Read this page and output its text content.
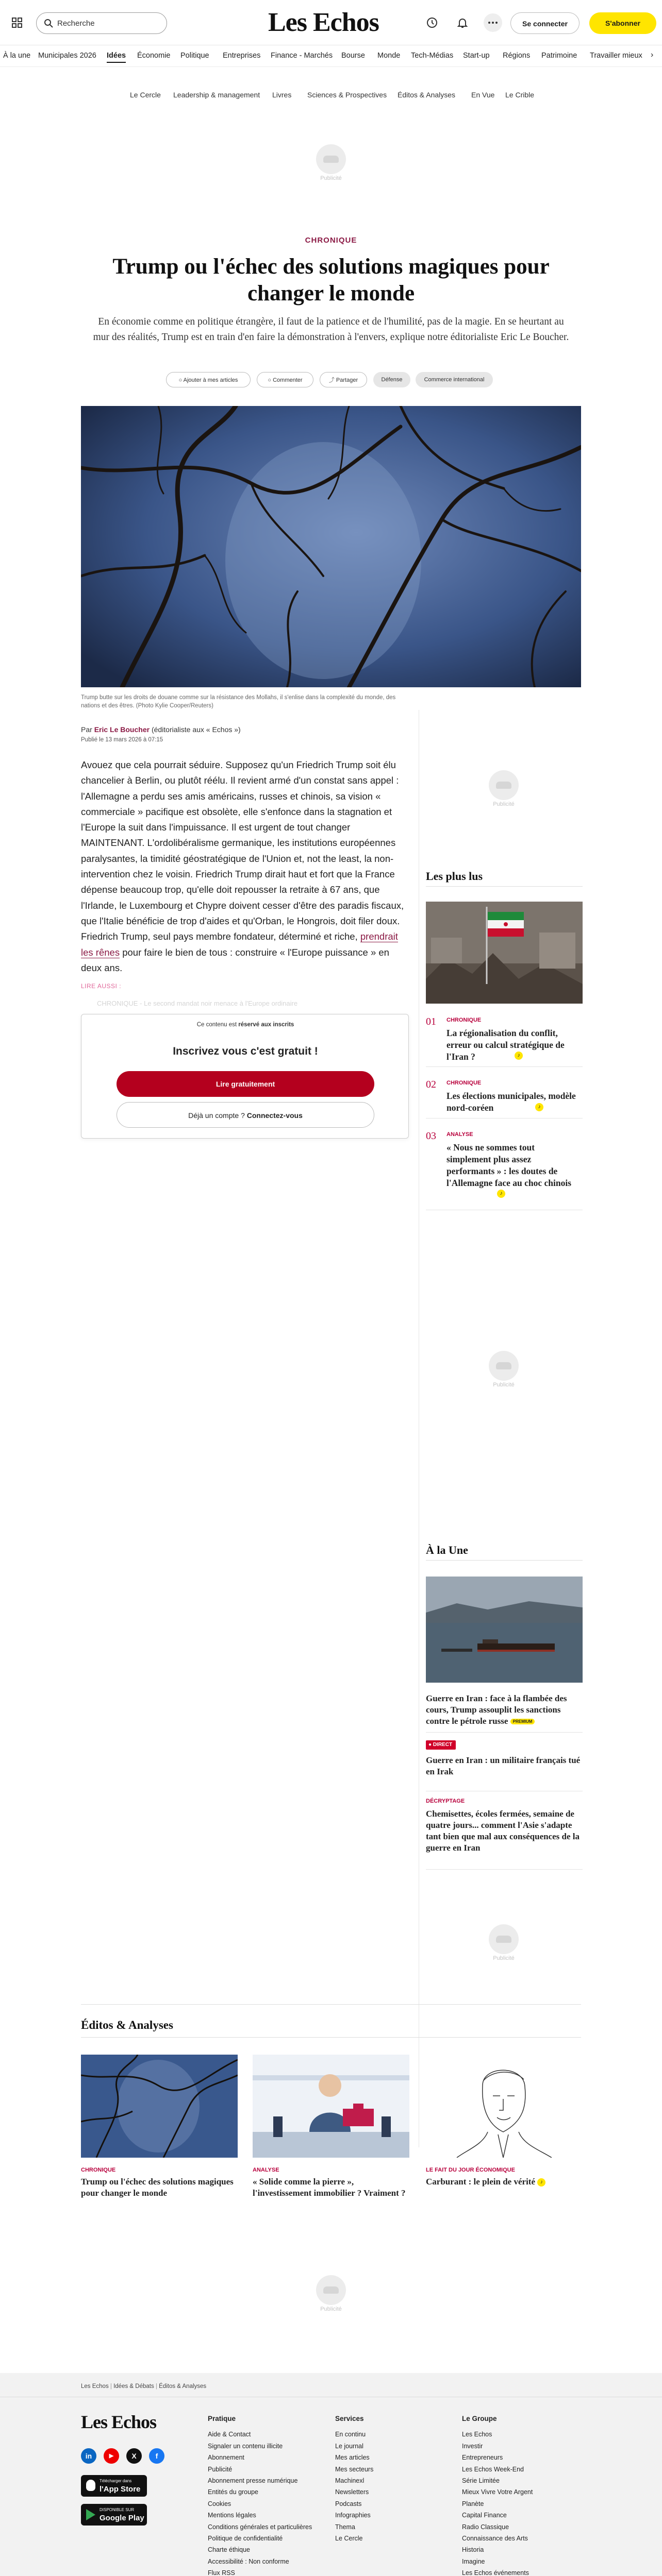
Recherche	Les Echos	Se connecter	S'abonner
À la une Municipales 2026 Idées Économie Politique Entreprises Finance - Marchés Bourse Monde Tech-Médias Start-up Régions Patrimoine Travailler mieux ›
Le Cercle Leadership & management Livres Sciences & Prospectives Éditos & Analyses En Vue Le Crible
Publicité
CHRONIQUE
Trump ou l'échec des solutions magiques pour changer le monde

En économie comme en politique étrangère, il faut de la patience et de l'humilité, pas de la magie. En se heurtant au mur des réalités, Trump est en train d'en faire la démonstration à l'envers, explique notre éditorialiste Eric Le Boucher.

○ Ajouter à mes articles	○ Commenter	⤴ Partager	Défense	Commerce international

Trump butte sur les droits de douane comme sur la résistance des Mollahs, il s'enlise dans la complexité du monde, des nations et des êtres. (Photo Kylie Cooper/Reuters)

Par Eric Le Boucher (éditorialiste aux « Echos »)
Publié le 13 mars 2026 à 07:15
Avouez que cela pourrait séduire. Supposez qu'un Friedrich Trump soit élu chancelier à Berlin, ou plutôt réélu. Il revient armé d'un constat sans appel : l'Allemagne a perdu ses amis américains, russes et chinois, sa vision « commerciale » pacifique est obsolète, elle s'enfonce dans la stagnation et l'Europe la suit dans l'impuissance. Il est urgent de tout changer MAINTENANT. L'ordolibéralisme germanique, les institutions européennes paralysantes, la timidité géostratégique de l'Union et, not the least, la non-intervention chez le voisin. Friedrich Trump dirait haut et fort que la France dépense beaucoup trop, qu'elle doit repousser la retraite à 67 ans, que l'Irlande, le Luxembourg et Chypre doivent cesser d'être des paradis fiscaux, que l'Italie bénéficie de trop d'aides et qu'Orban, le Hongrois, doit filer doux. Friedrich Trump, seul pays membre fondateur, déterminé et riche, prendrait les rênes pour faire le bien de tous : construire « l'Europe puissance » en deux ans.
LIRE AUSSI :
CHRONIQUE - Le second mandat noir menace à l'Europe ordinaire
Ce contenu est réservé aux inscrits
Inscrivez vous c'est gratuit !
Lire gratuitement
Déjà un compte ? Connectez-vous
Publicité
Les plus lus
01 CHRONIQUE
La régionalisation du conflit, erreur ou calcul stratégique de l'Iran ?	♪
02 CHRONIQUE
Les élections municipales, modèle nord-coréen	♪
03 ANALYSE
« Nous ne sommes tout simplement plus assez performants » : les doutes de l'Allemagne face au choc chinois
♪
Publicité
À la Une
Guerre en Iran : face à la flambée des cours, Trump assouplit les sanctions contre le pétrole russe PREMIUM
● DIRECT
Guerre en Iran : un militaire français tué en Irak
DÉCRYPTAGE
Chemisettes, écoles fermées, semaine de quatre jours... comment l'Asie s'adapte tant bien que mal aux conséquences de la guerre en Iran
Publicité
Éditos & Analyses
CHRONIQUE
Trump ou l'échec des solutions magiques pour changer le monde
ANALYSE
« Solide comme la pierre », l'investissement immobilier ? Vraiment ?
LE FAIT DU JOUR ÉCONOMIQUE
Carburant : le plein de vérité ♪
Publicité
Les Echos | Idées & Débats | Éditos & Analyses
Les Echos
in	▶	X	f
Télécharger dans
l'App Store
DISPONIBLE SUR
Google Play
Pratique
Aide & Contact
Signaler un contenu illicite
Abonnement
Publicité
Abonnement presse numérique
Entités du groupe
Cookies
Mentions légales
Conditions générales et particulières
Politique de confidentialité
Charte éthique
Accessibilité : Non conforme
Flux RSS
Services
En continu
Le journal
Mes articles
Mes secteurs
Machinexl
Newsletters
Podcasts
Infographies
Thema
Le Cercle
Le Groupe
Les Echos
Investir
Entrepreneurs
Les Echos Week-End
Série Limitée
Mieux Vivre Votre Argent
Planète
Capital Finance
Radio Classique
Connaissance des Arts
Historia
Imagine
Les Echos événements
